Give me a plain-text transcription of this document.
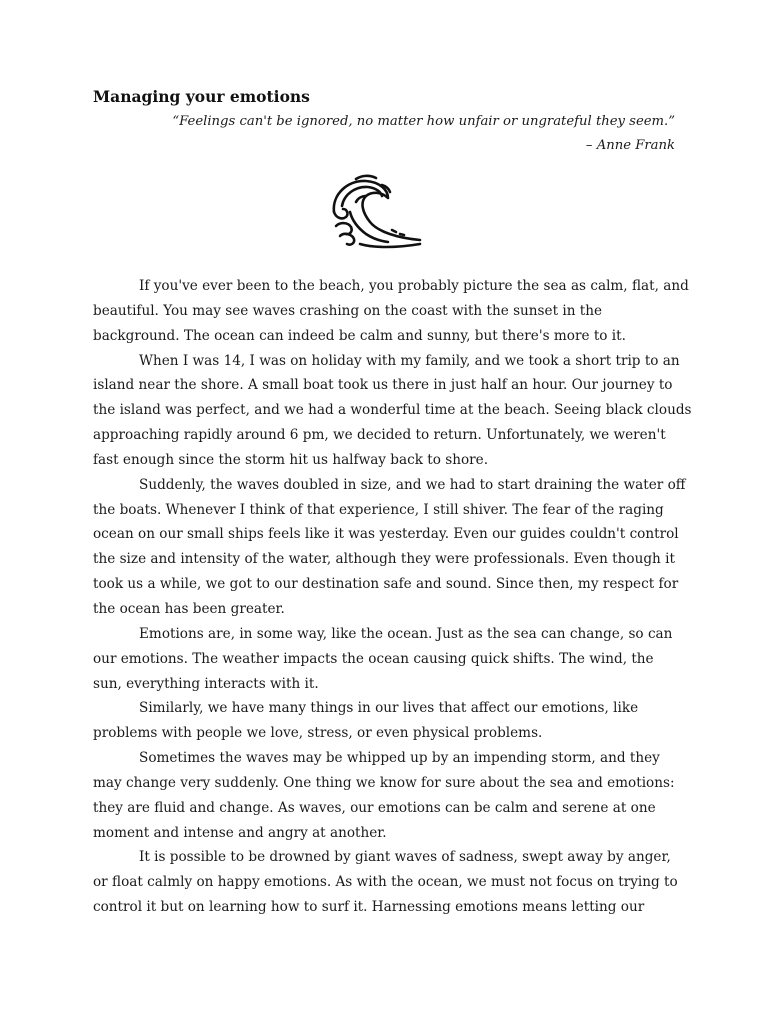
Managing your emotions

“Feelings can't be ignored, no matter how unfair or ungrateful they seem.”

– Anne Frank

If you've ever been to the beach, you probably picture the sea as calm, flat, and
beautiful. You may see waves crashing on the coast with the sunset in the
background. The ocean can indeed be calm and sunny, but there's more to it.

When I was 14, I was on holiday with my family, and we took a short trip to an
island near the shore. A small boat took us there in just half an hour. Our journey to
the island was perfect, and we had a wonderful time at the beach. Seeing black clouds
approaching rapidly around 6 pm, we decided to return. Unfortunately, we weren't
fast enough since the storm hit us halfway back to shore.

Suddenly, the waves doubled in size, and we had to start draining the water off
the boats. Whenever I think of that experience, I still shiver. The fear of the raging
ocean on our small ships feels like it was yesterday. Even our guides couldn't control
the size and intensity of the water, although they were professionals. Even though it
took us a while, we got to our destination safe and sound. Since then, my respect for
the ocean has been greater.

Emotions are, in some way, like the ocean. Just as the sea can change, so can
our emotions. The weather impacts the ocean causing quick shifts. The wind, the
sun, everything interacts with it.

Similarly, we have many things in our lives that affect our emotions, like
problems with people we love, stress, or even physical problems.

Sometimes the waves may be whipped up by an impending storm, and they
may change very suddenly. One thing we know for sure about the sea and emotions:
they are fluid and change. As waves, our emotions can be calm and serene at one
moment and intense and angry at another.

It is possible to be drowned by giant waves of sadness, swept away by anger,
or float calmly on happy emotions. As with the ocean, we must not focus on trying to
control it but on learning how to surf it. Harnessing emotions means letting our
